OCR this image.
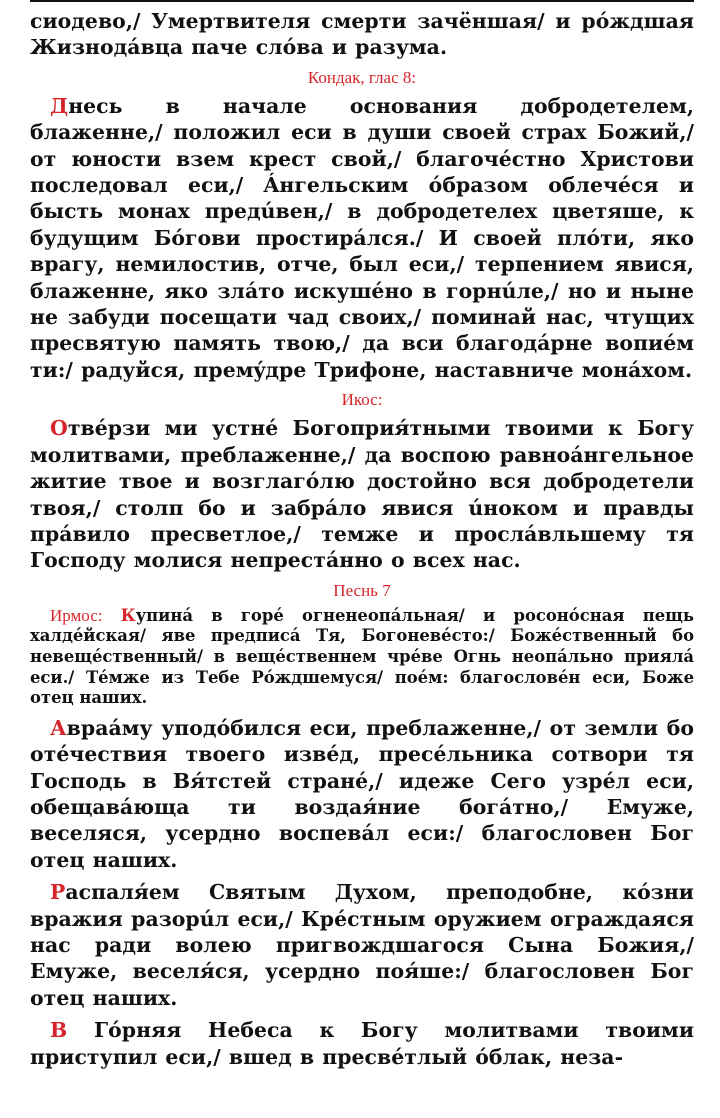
сиодево,/ Умертвителя смерти зачёншая/ и рóждшая Жизнодáвца паче слóва и разума.

Кондак, глас 8:

Днесь в начале основания добродетелем, блаженне,/ положил еси в души своей страх Божий,/ от юности взем крест свой,/ благочéстно Христови последовал еси,/ Áнгельским óбразом облечéся и бысть монах предúвен,/ в добродетелех цветяше, к будущим Бóгови простирáлся./ И своей плóти, яко врагу, немилостив, отче, был еси,/ терпением явися, блаженне, яко злáто искушéно в горнúле,/ но и ныне не забуди посещати чад своих,/ поминай нас, чтущих пресвятую память твою,/ да вси благодáрне вопиéм ти:/ радуйся, премýдре Трифоне, наставниче монáхом.

Икос:

Отвéрзи ми устнé Богоприя́тными твоими к Богу молитвами, преблаженне,/ да воспою равноáнгельное житие твое и возглагóлю достойно вся добродетели твоя,/ столп бо и забрáло явися úноком и правды прáвило пресветлое,/ темже и прослáвльшему тя Господу молися непрестáнно о всех нас.

Песнь 7

Ирмос: Купинá в горé огненеопáльная/ и росонóсная пещь халдéйская/ яве предписá Тя, Богоневéсто:/ Божéственный бо невещéственный/ в вещéственнем чрéве Огнь неопáльно приялá еси./ Тéмже из Тебе Рóждшемуся/ поéм: благословéн еси, Боже отец наших.

Авраáму уподóбился еси, преблаженне,/ от земли бо отéчествия твоего извéд, пресéльника сотвори тя Господь в Вя́тстей странé,/ идеже Сего узрéл еси, обещавáюща ти воздая́ние богáтно,/ Емуже, веселяся, усердно воспевáл еси:/ благословен Бог отец наших.

Распаля́ем Святым Духом, преподобне, кóзни вражия разорúл еси,/ Крéстным оружием ограждаяся нас ради волею пригвождшагося Сына Божия,/ Емуже, веселя́ся, усердно поя́ше:/ благословен Бог отец наших.

В Гóрняя Небеса к Богу молитвами твоими приступил еси,/ вшед в пресвéтлый óблак, неза-
